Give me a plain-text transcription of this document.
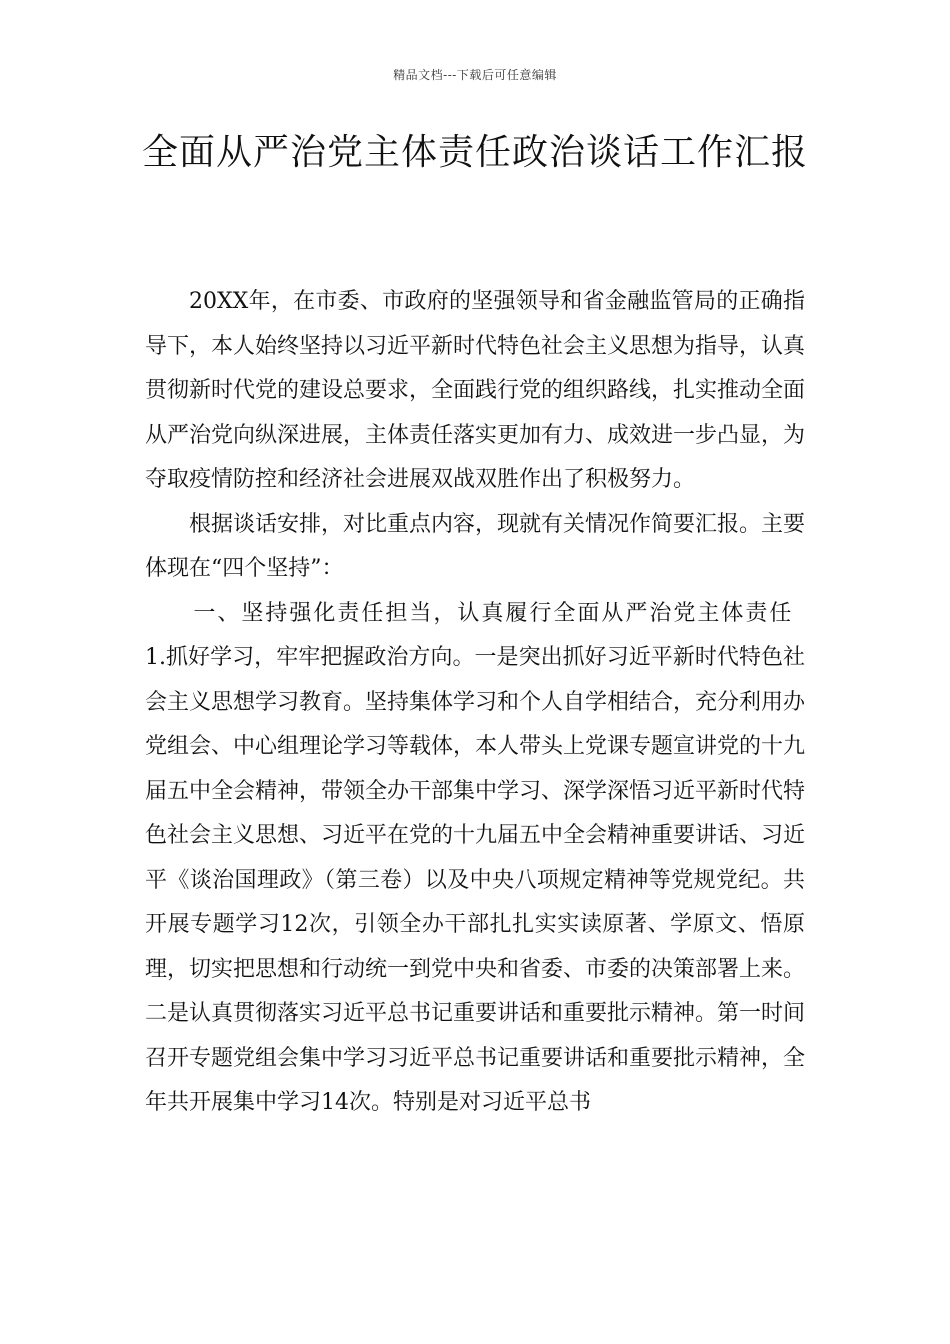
精品文档---下载后可任意编辑
全面从严治党主体责任政治谈话工作汇报

20XX年，在市委、市政府的坚强领导和省金融监管局的正确指导下，本人始终坚持以习近平新时代特色社会主义思想为指导，认真贯彻新时代党的建设总要求，全面践行党的组织路线，扎实推动全面从严治党向纵深进展，主体责任落实更加有力、成效进一步凸显，为夺取疫情防控和经济社会进展双战双胜作出了积极努力。

根据谈话安排，对比重点内容，现就有关情况作简要汇报。主要体现在“四个坚持”：

一、坚持强化责任担当，认真履行全面从严治党主体责任

1.抓好学习，牢牢把握政治方向。一是突出抓好习近平新时代特色社会主义思想学习教育。坚持集体学习和个人自学相结合，充分利用办党组会、中心组理论学习等载体，本人带头上党课专题宣讲党的十九届五中全会精神，带领全办干部集中学习、深学深悟习近平新时代特色社会主义思想、习近平在党的十九届五中全会精神重要讲话、习近平《谈治国理政》（第三卷）以及中央八项规定精神等党规党纪。共开展专题学习12次，引领全办干部扎扎实实读原著、学原文、悟原理，切实把思想和行动统一到党中央和省委、市委的决策部署上来。二是认真贯彻落实习近平总书记重要讲话和重要批示精神。第一时间召开专题党组会集中学习习近平总书记重要讲话和重要批示精神，全年共开展集中学习14次。特别是对习近平总书
